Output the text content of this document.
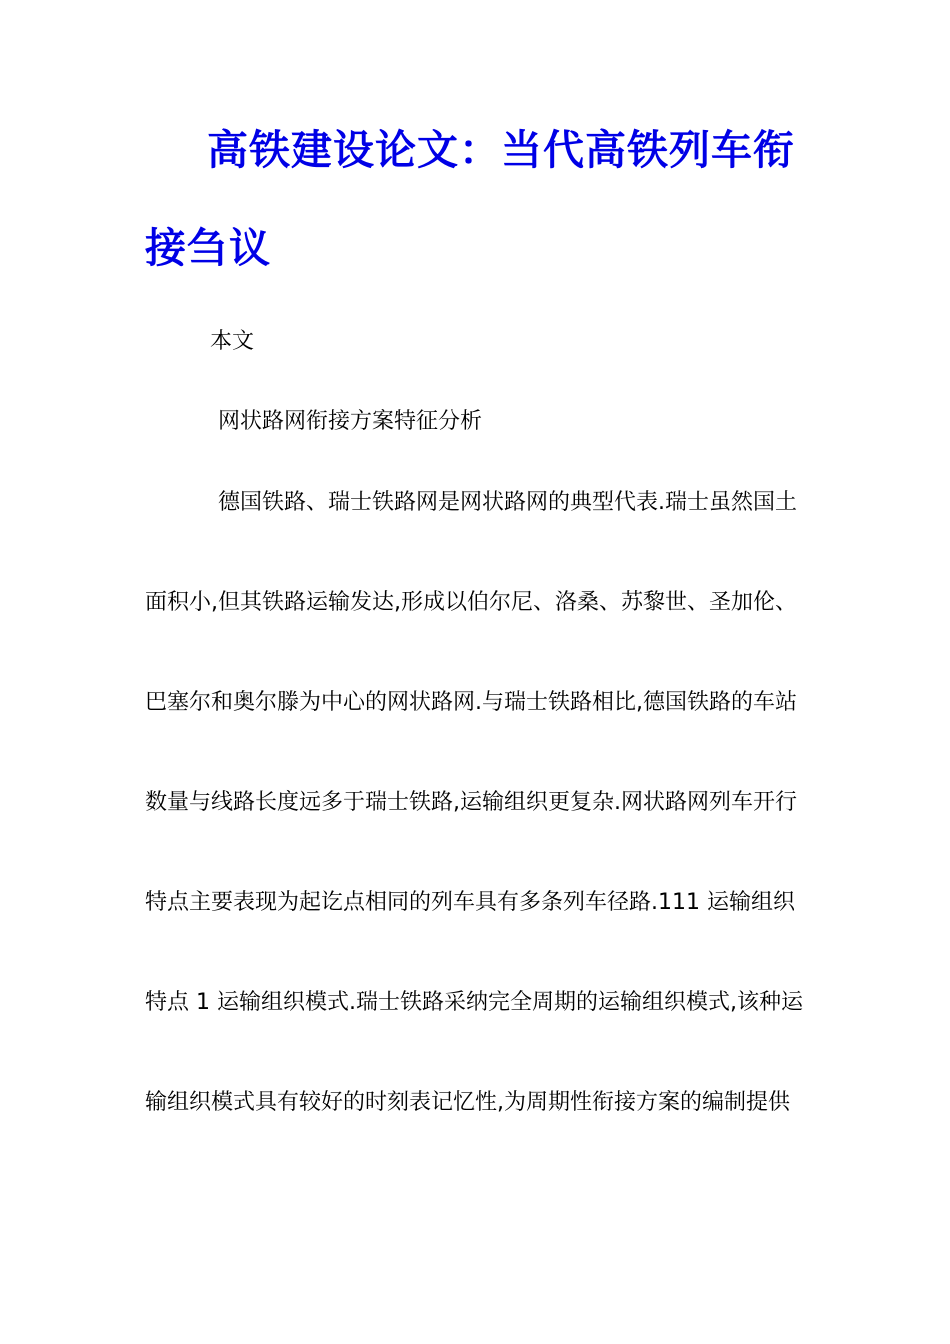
高铁建设论文：当代高铁列车衔
接刍议

本文

网状路网衔接方案特征分析

德国铁路、瑞士铁路网是网状路网的典型代表.瑞士虽然国土

面积小,但其铁路运输发达,形成以伯尔尼、洛桑、苏黎世、圣加伦、

巴塞尔和奥尔滕为中心的网状路网.与瑞士铁路相比,德国铁路的车站

数量与线路长度远多于瑞士铁路,运输组织更复杂.网状路网列车开行

特点主要表现为起讫点相同的列车具有多条列车径路.111 运输组织

特点 1 运输组织模式.瑞士铁路采纳完全周期的运输组织模式,该种运

输组织模式具有较好的时刻表记忆性,为周期性衔接方案的编制提供
